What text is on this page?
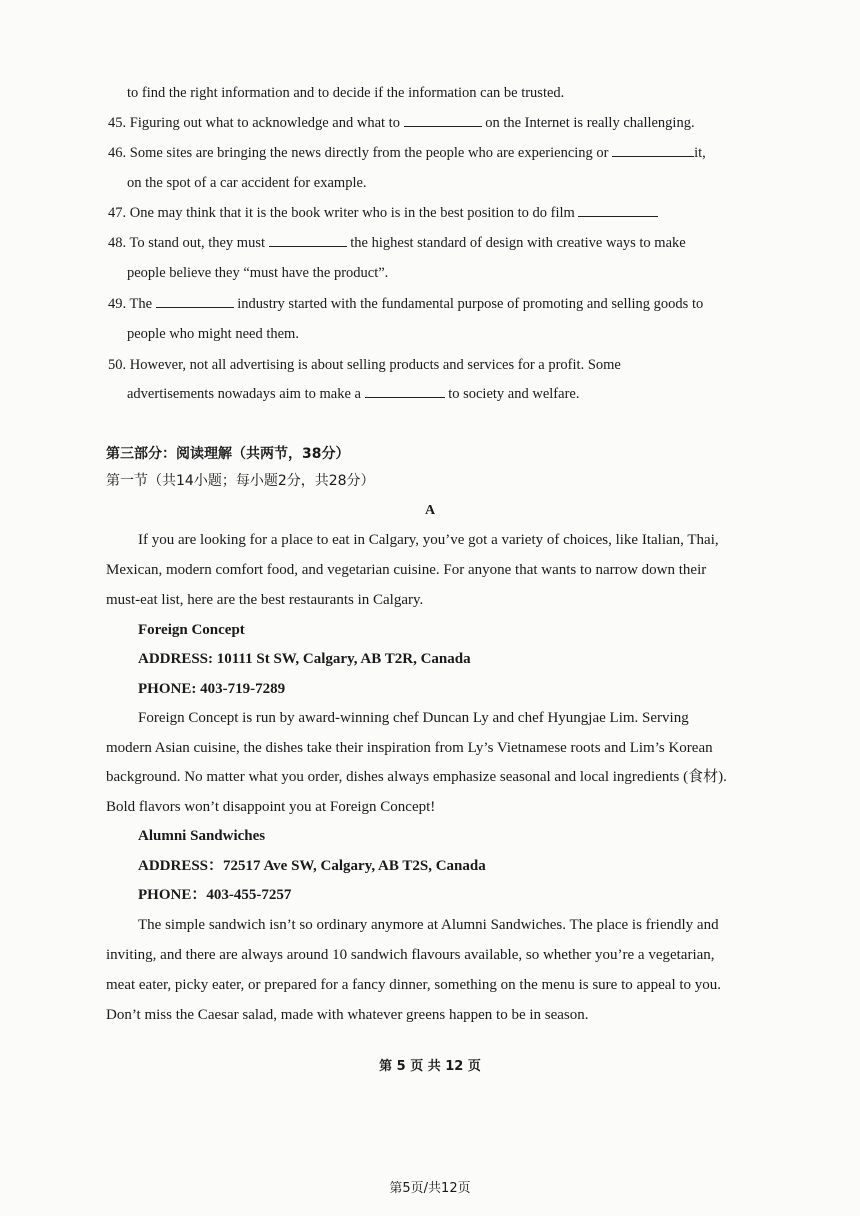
to find the right information and to decide if the information can be trusted.
45. Figuring out what to acknowledge and what to	on the Internet is really challenging.
46. Some sites are bringing the news directly from the people who are experiencing or	it,
on the spot of a car accident for example.
47. One may think that it is the book writer who is in the best position to do film
48. To stand out, they must	the highest standard of design with creative ways to make
people believe they “must have the product”.
49. The	industry started with the fundamental purpose of promoting and selling goods to
people who might need them.
50. However, not all advertising is about selling products and services for a profit. Some
advertisements nowadays aim to make a	to society and welfare.
第三部分：阅读理解（共两节，38分）
第一节（共14小题；每小题2分，共28分）
A
If you are looking for a place to eat in Calgary, you’ve got a variety of choices, like Italian, Thai,
Mexican, modern comfort food, and vegetarian cuisine. For anyone that wants to narrow down their
must-eat list, here are the best restaurants in Calgary.
Foreign Concept
ADDRESS: 10111 St SW, Calgary, AB T2R, Canada
PHONE: 403-719-7289
Foreign Concept is run by award-winning chef Duncan Ly and chef Hyungjae Lim. Serving
modern Asian cuisine, the dishes take their inspiration from Ly’s Vietnamese roots and Lim’s Korean
background. No matter what you order, dishes always emphasize seasonal and local ingredients (食材).
Bold flavors won’t disappoint you at Foreign Concept!
Alumni Sandwiches
ADDRESS：72517 Ave SW, Calgary, AB T2S, Canada
PHONE：403-455-7257
The simple sandwich isn’t so ordinary anymore at Alumni Sandwiches. The place is friendly and
inviting, and there are always around 10 sandwich flavours available, so whether you’re a vegetarian,
meat eater, picky eater, or prepared for a fancy dinner, something on the menu is sure to appeal to you.
Don’t miss the Caesar salad, made with whatever greens happen to be in season.
第 5 页 共 12 页
第5页/共12页
